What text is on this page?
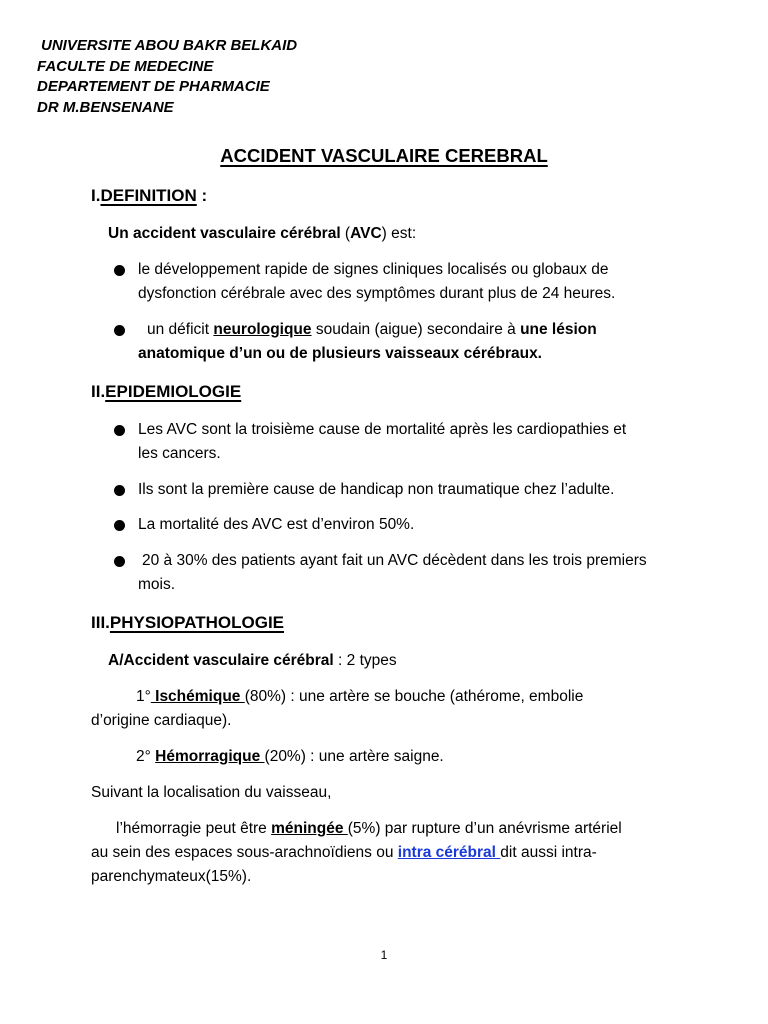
UNIVERSITE ABOU BAKR BELKAID
FACULTE DE MEDECINE
DEPARTEMENT DE PHARMACIE
DR M.BENSENANE
ACCIDENT VASCULAIRE CEREBRAL
I.DEFINITION :
Un accident vasculaire cérébral (AVC) est:
le développement rapide de signes cliniques localisés ou globaux de
dysfonction cérébrale avec des symptômes durant plus de 24 heures.
un déficit neurologique soudain (aigue) secondaire à une lésion
anatomique d’un ou de plusieurs vaisseaux cérébraux.
II.EPIDEMIOLOGIE
Les AVC sont la troisième cause de mortalité après les cardiopathies et
les cancers.
Ils sont la première cause de handicap non traumatique chez l’adulte.
La mortalité des AVC est d’environ 50%.
20 à 30% des patients ayant fait un AVC décèdent dans les trois premiers
mois.
III.PHYSIOPATHOLOGIE
A/Accident vasculaire cérébral : 2 types
1° Ischémique (80%) : une artère se bouche (athérome, embolie
d’origine cardiaque).
2° Hémorragique (20%) : une artère saigne.
Suivant la localisation du vaisseau,
l’hémorragie peut être méningée (5%) par rupture d’un anévrisme artériel
au sein des espaces sous-arachnoïdiens ou intra cérébral dit aussi intra-
parenchymateux(15%).
1
